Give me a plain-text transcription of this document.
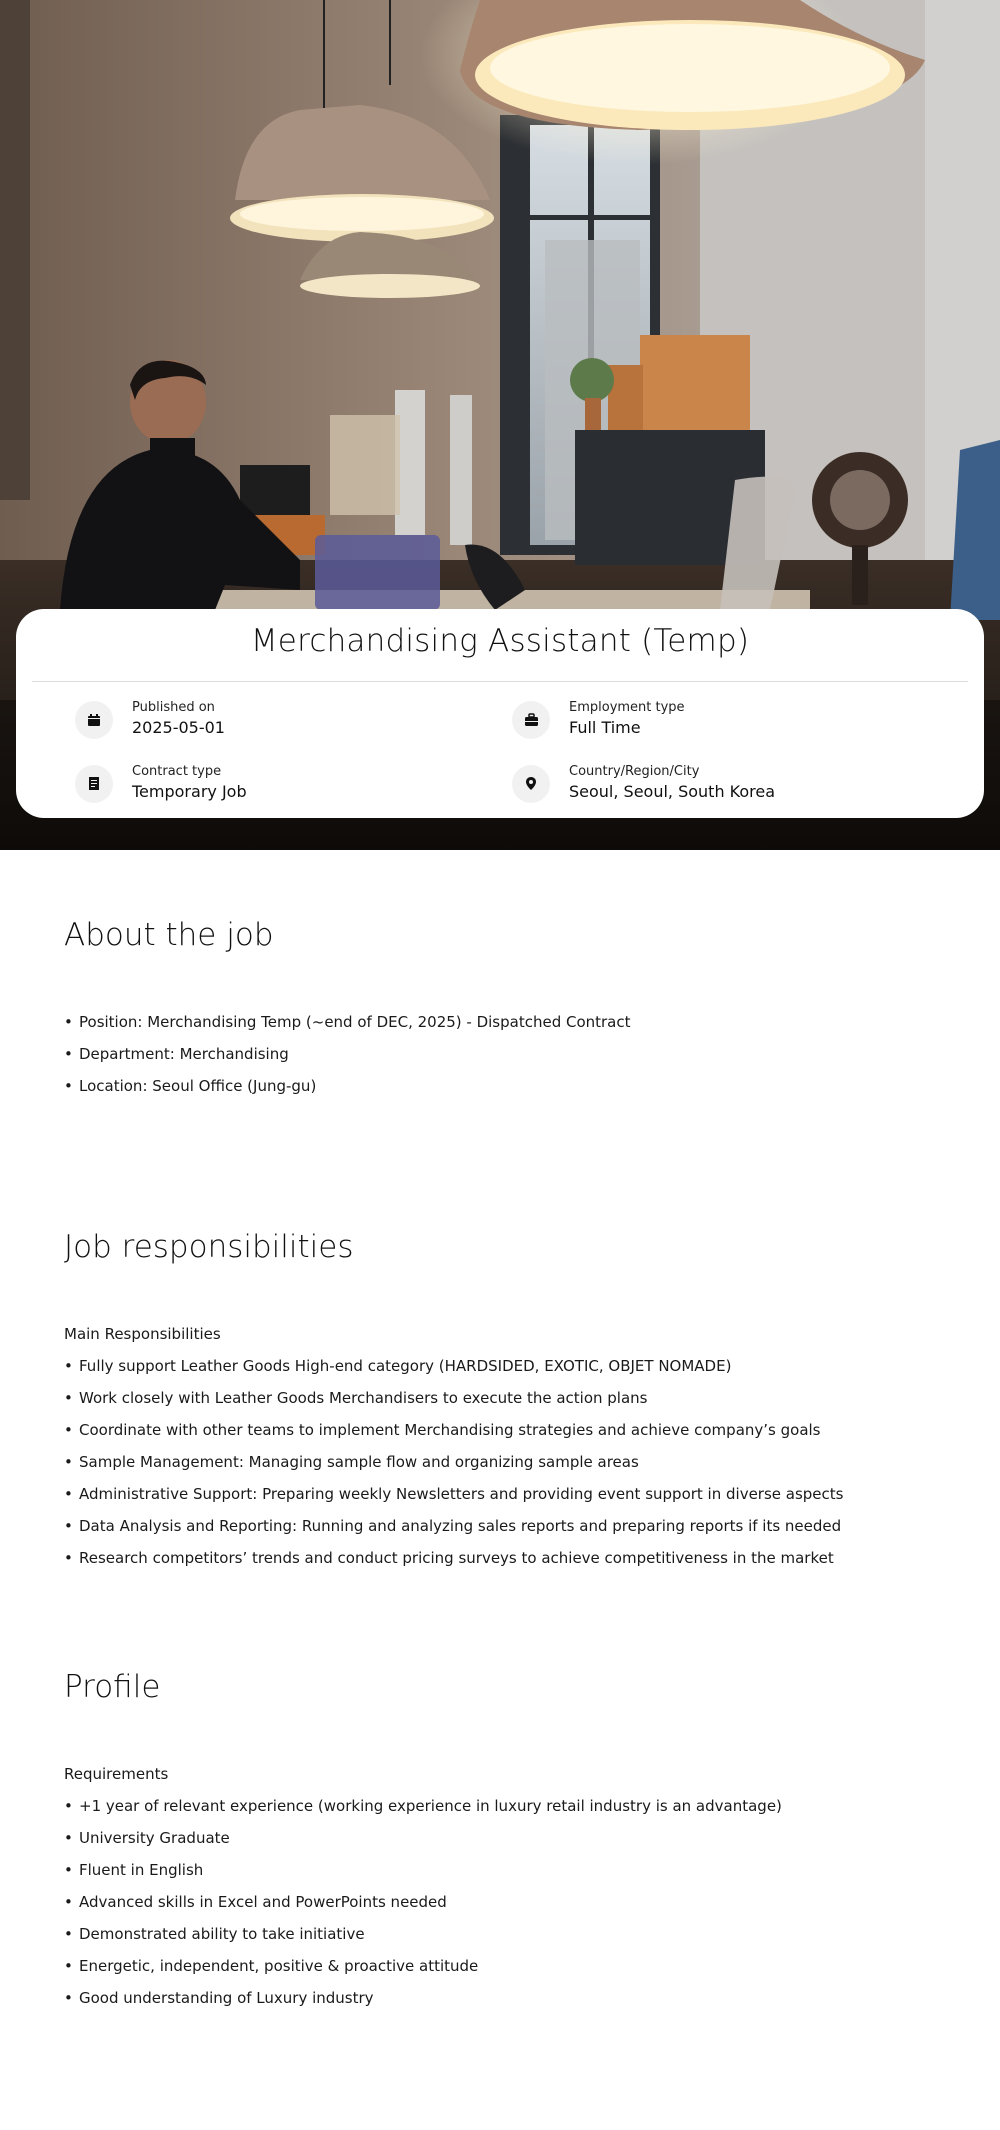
Merchandising Assistant (Temp)
Published on
2025-05-01
Employment type
Full Time
Contract type
Temporary Job
Country/Region/City
Seoul, Seoul, South Korea
About the job
• Position: Merchandising Temp (~end of DEC, 2025) - Dispatched Contract
• Department: Merchandising
• Location: Seoul Office (Jung-gu)
Job responsibilities
Main Responsibilities
• Fully support Leather Goods High-end category (HARDSIDED, EXOTIC, OBJET NOMADE)
• Work closely with Leather Goods Merchandisers to execute the action plans
• Coordinate with other teams to implement Merchandising strategies and achieve company’s goals
• Sample Management: Managing sample flow and organizing sample areas
• Administrative Support: Preparing weekly Newsletters and providing event support in diverse aspects
• Data Analysis and Reporting: Running and analyzing sales reports and preparing reports if its needed
• Research competitors’ trends and conduct pricing surveys to achieve competitiveness in the market
Profile
Requirements
• +1 year of relevant experience (working experience in luxury retail industry is an advantage)
• University Graduate
• Fluent in English
• Advanced skills in Excel and PowerPoints needed
• Demonstrated ability to take initiative
• Energetic, independent, positive & proactive attitude
• Good understanding of Luxury industry
